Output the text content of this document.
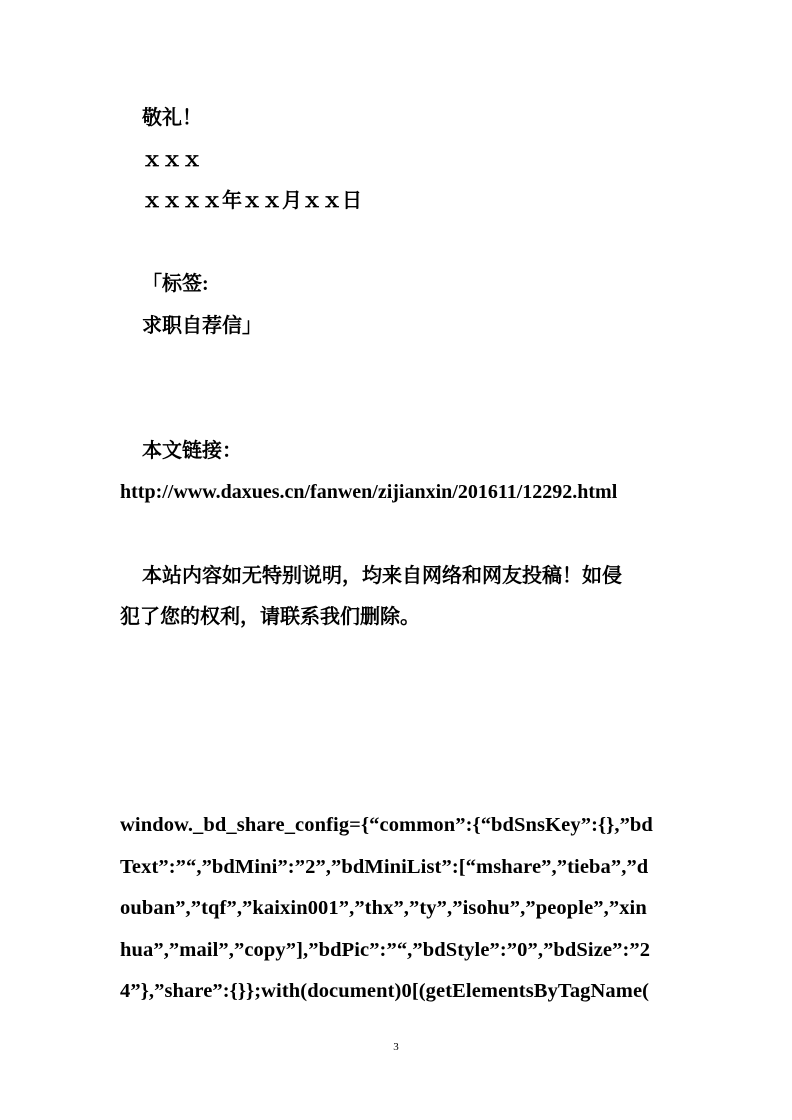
敬礼！
ｘｘｘ
ｘｘｘｘ年ｘｘ月ｘｘ日
「标签:
求职自荐信」
本文链接：
http://www.daxues.cn/fanwen/zijianxin/201611/12292.html
本站内容如无特别说明，均来自网络和网友投稿！如侵
犯了您的权利，请联系我们删除。
window._bd_share_config={“common”:{“bdSnsKey”:{},”bd
Text”:”“,”bdMini”:”2”,”bdMiniList”:[“mshare”,”tieba”,”d
ouban”,”tqf”,”kaixin001”,”thx”,”ty”,”isohu”,”people”,”xin
hua”,”mail”,”copy”],”bdPic”:”“,”bdStyle”:”0”,”bdSize”:”2
4”},”share”:{}};with(document)0[(getElementsByTagName(
3
